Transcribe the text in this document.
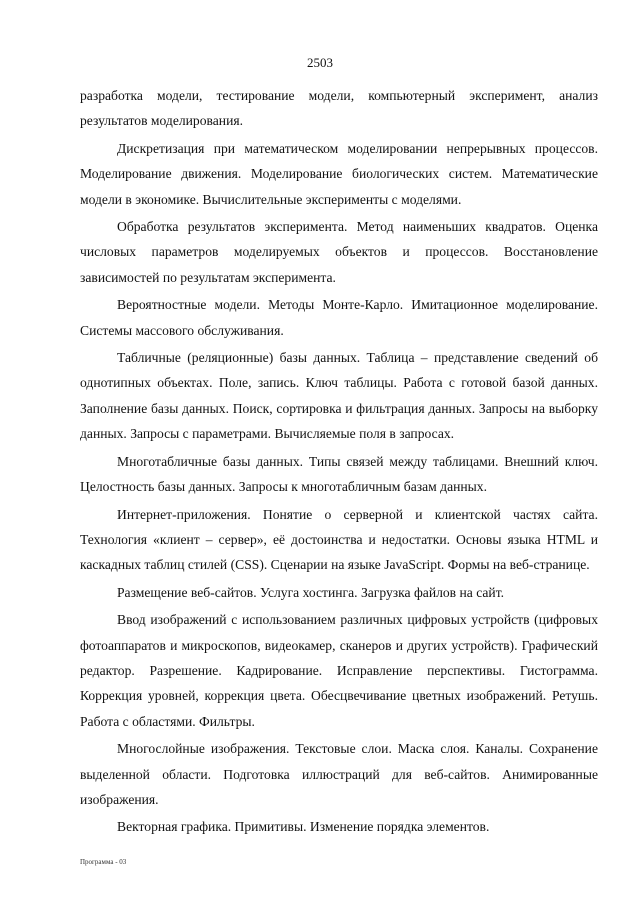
2503

разработка модели, тестирование модели, компьютерный эксперимент, анализ результатов моделирования.

Дискретизация при математическом моделировании непрерывных процессов. Моделирование движения. Моделирование биологических систем. Математические модели в экономике. Вычислительные эксперименты с моделями.

Обработка результатов эксперимента. Метод наименьших квадратов. Оценка числовых параметров моделируемых объектов и процессов. Восстановление зависимостей по результатам эксперимента.

Вероятностные модели. Методы Монте-Карло. Имитационное моделирование. Системы массового обслуживания.

Табличные (реляционные) базы данных. Таблица – представление сведений об однотипных объектах. Поле, запись. Ключ таблицы. Работа с готовой базой данных. Заполнение базы данных. Поиск, сортировка и фильтрация данных. Запросы на выборку данных. Запросы с параметрами. Вычисляемые поля в запросах.

Многотабличные базы данных. Типы связей между таблицами. Внешний ключ. Целостность базы данных. Запросы к многотабличным базам данных.

Интернет-приложения. Понятие о серверной и клиентской частях сайта. Технология «клиент – сервер», её достоинства и недостатки. Основы языка HTML и каскадных таблиц стилей (CSS). Сценарии на языке JavaScript. Формы на веб-странице.

Размещение веб-сайтов. Услуга хостинга. Загрузка файлов на сайт.

Ввод изображений с использованием различных цифровых устройств (цифровых фотоаппаратов и микроскопов, видеокамер, сканеров и других устройств). Графический редактор. Разрешение. Кадрирование. Исправление перспективы. Гистограмма. Коррекция уровней, коррекция цвета. Обесцвечивание цветных изображений. Ретушь. Работа с областями. Фильтры.

Многослойные изображения. Текстовые слои. Маска слоя. Каналы. Сохранение выделенной области. Подготовка иллюстраций для веб-сайтов. Анимированные изображения.

Векторная графика. Примитивы. Изменение порядка элементов.

Программа - 03
